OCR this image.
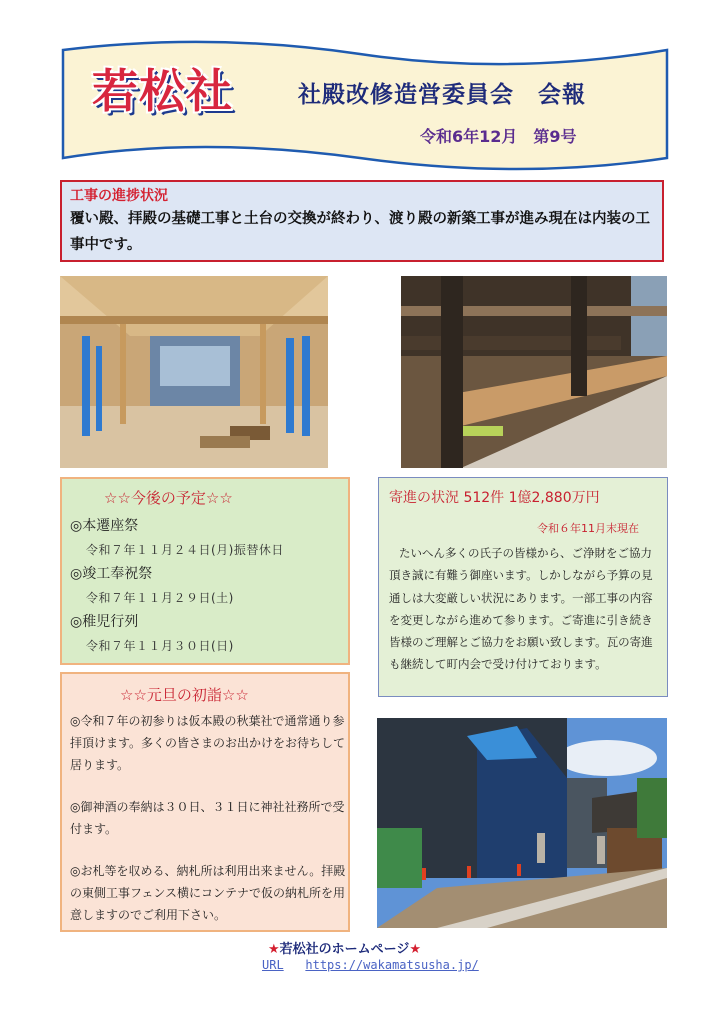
若松社	社殿改修造営委員会　会報
令和6年12月　第9号
工事の進捗状況
覆い殿、拝殿の基礎工事と土台の交換が終わり、渡り殿の新築工事が進み現在は内装の工事中です。
☆☆今後の予定☆☆
◎本遷座祭
令和７年１１月２４日(月)振替休日
◎竣工奉祝祭
令和７年１１月２９日(土)
◎稚児行列
令和７年１１月３０日(日)
寄進の状況 512件 1億2,880万円
令和６年11月末現在
たいへん多くの氏子の皆様から、ご浄財をご協力頂き誠に有難う御座います。しかしながら予算の見通しは大変厳しい状況にあります。一部工事の内容を変更しながら進めて参ります。ご寄進に引き続き皆様のご理解とご協力をお願い致します。瓦の寄進も継続して町内会で受け付けております。
☆☆元旦の初詣☆☆
◎令和７年の初参りは仮本殿の秋葉社で通常通り参拝頂けます。多くの皆さまのお出かけをお待ちして居ります。
◎御神酒の奉納は３０日、３１日に神社社務所で受付ます。
◎お札等を収める、納札所は利用出来ません。拝殿の東側工事フェンス横にコンテナで仮の納札所を用意しますのでご利用下さい。
★若松社のホームページ★
URL https://wakamatsusha.jp/
